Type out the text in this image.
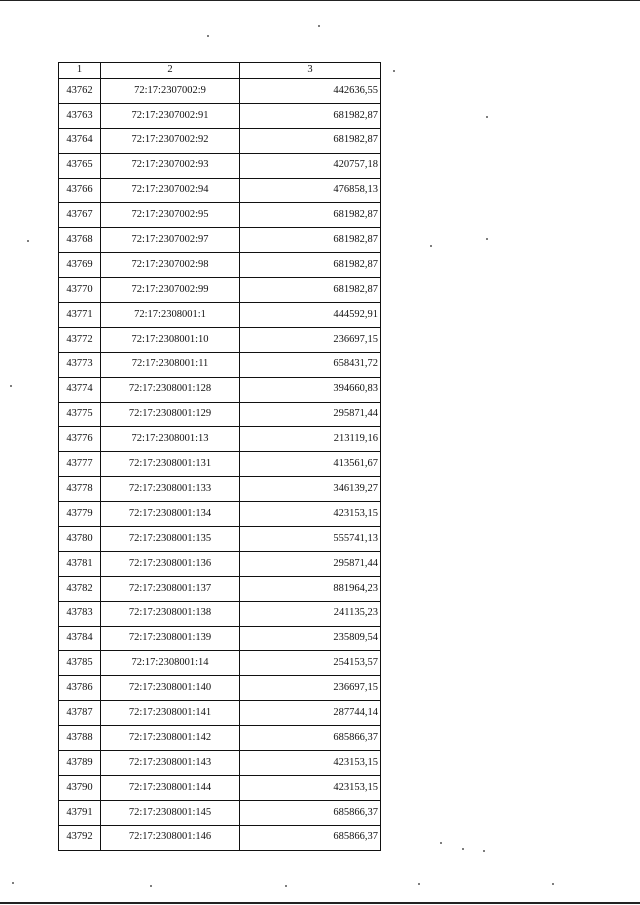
1	2	3
43762	72:17:2307002:9	442636,55
43763	72:17:2307002:91	681982,87
43764	72:17:2307002:92	681982,87
43765	72:17:2307002:93	420757,18
43766	72:17:2307002:94	476858,13
43767	72:17:2307002:95	681982,87
43768	72:17:2307002:97	681982,87
43769	72:17:2307002:98	681982,87
43770	72:17:2307002:99	681982,87
43771	72:17:2308001:1	444592,91
43772	72:17:2308001:10	236697,15
43773	72:17:2308001:11	658431,72
43774	72:17:2308001:128	394660,83
43775	72:17:2308001:129	295871,44
43776	72:17:2308001:13	213119,16
43777	72:17:2308001:131	413561,67
43778	72:17:2308001:133	346139,27
43779	72:17:2308001:134	423153,15
43780	72:17:2308001:135	555741,13
43781	72:17:2308001:136	295871,44
43782	72:17:2308001:137	881964,23
43783	72:17:2308001:138	241135,23
43784	72:17:2308001:139	235809,54
43785	72:17:2308001:14	254153,57
43786	72:17:2308001:140	236697,15
43787	72:17:2308001:141	287744,14
43788	72:17:2308001:142	685866,37
43789	72:17:2308001:143	423153,15
43790	72:17:2308001:144	423153,15
43791	72:17:2308001:145	685866,37
43792	72:17:2308001:146	685866,37
